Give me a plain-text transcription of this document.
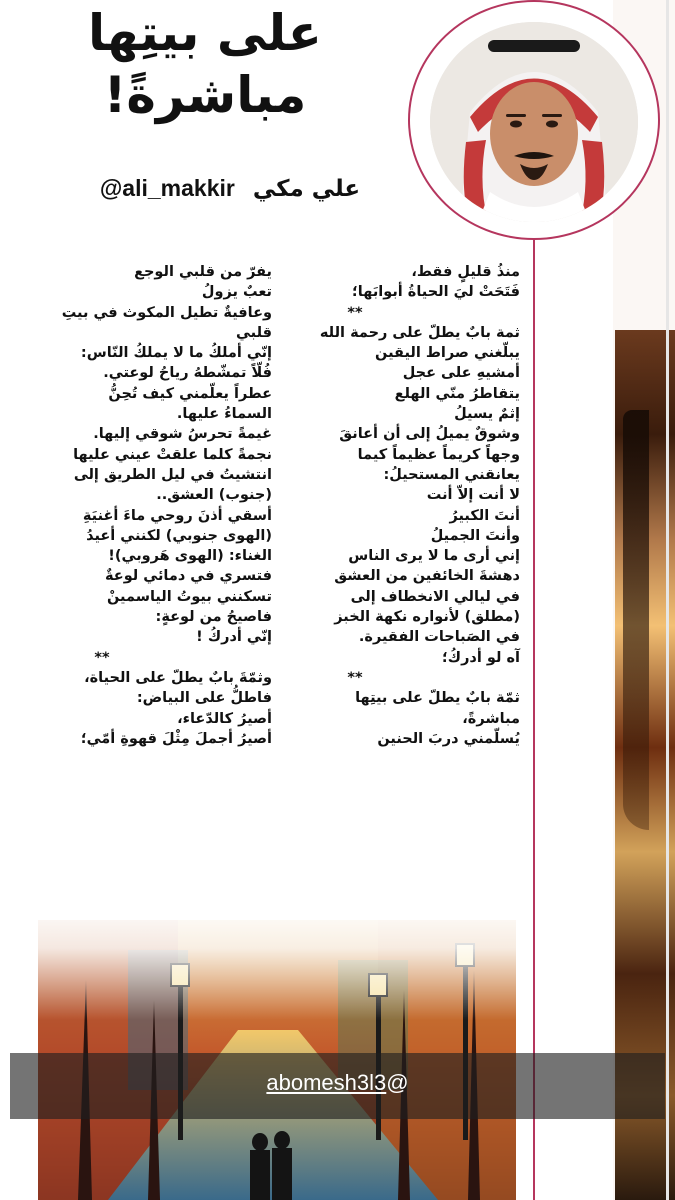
على بيتِها
مباشرةً!
@ali_makkir علي مكي
منذُ قليلٍ فقط،
فَتَحَتْ ليَ الحياةُ أبوابَها؛
**
ثمة بابٌ يطلّ على رحمة الله
يبلّغني صراط اليقين
أمشيهِ على عجل
يتقاطرُ منّي الهلع
إثمٌ يسيلُ
وشوقٌ يميلُ إلى أن أعانقَ
وجهاً كريماً عظيماً كيما
يعانقني المستحيلُ:
لا أنت إلاّ أنت
أنتَ الكبيرُ
وأنتَ الجميلُ
إني أرى ما لا يرى الناس
دهشةَ الخائفين من العشق
في ليالي الانخطاف إلى
(مطلق) لأنواره نكهة الخبز
في الصَباحات الفقيرة.
آه لو أدركُ؛
**
ثمّة بابٌ يطلّ على بيتِها
مباشرةً،
يُسلّمني دربَ الحنين
يفرّ من قلبي الوجع
تعبٌ يزولُ
وعافيةٌ تطيل المكوث في بيتِ
قلبي
إنّي أملكُ ما لا يملكُ النّاس:
فُلّاً تمشّطهُ رياحُ لوعتي.
عطراً يعلّمني كيف تُحِنُّ
السماءُ عليها.
غيمةً تحرسُ شوقي إليها.
نجمةً كلما علقتْ عيني عليها
انتشيتُ في ليل الطريق إلى
(جنوب) العشق..
أسقي أذنَ روحي ماءَ أغنيَةِ
(الهوى جنوبي) لكنني أعيدُ
الغناء: (الهوى هَروبي)!
فتسري في دمائي لوعةٌ
تسكنني بيوتُ الياسمينْ
فاصيحُ من لوعةٍ:
إنّي أدركُ !
**
وثمّةَ بابٌ يطلّ على الحياة،
فاطلُّ على البياض:
أصيرُ كالدّعاء،
أصيرُ أجملَ مِثْلَ قهوةِ أمّي؛
abomesh3l3@
